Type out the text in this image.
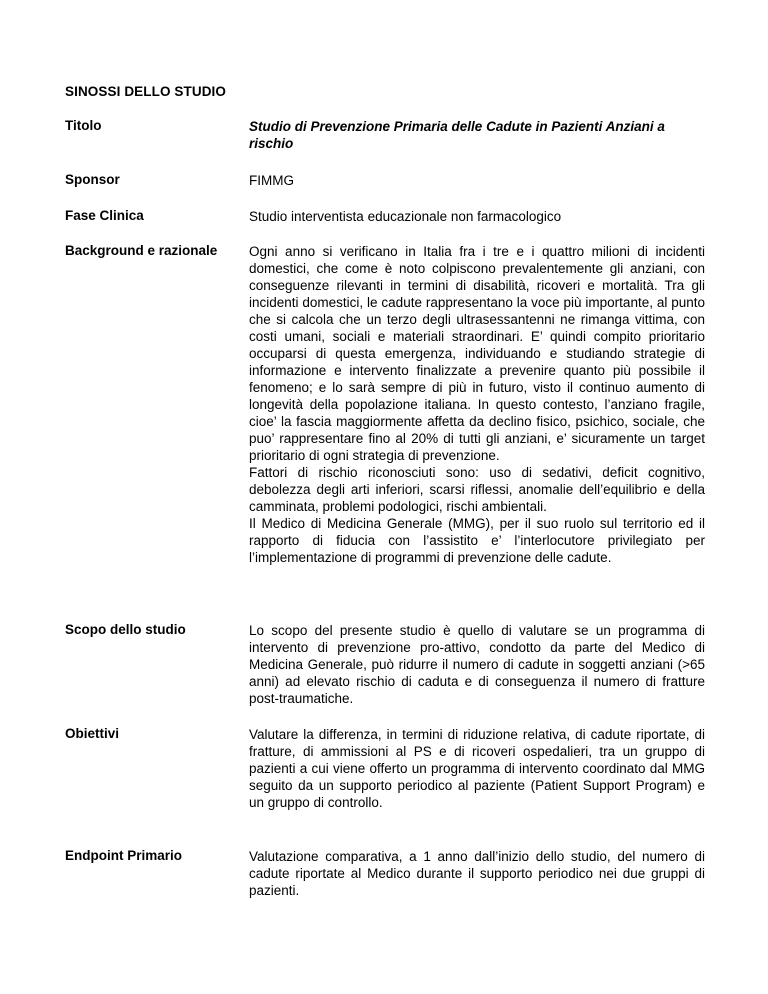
SINOSSI DELLO STUDIO
Titolo	Studio di Prevenzione Primaria delle Cadute in Pazienti Anziani a rischio
Sponsor	FIMMG
Fase Clinica	Studio interventista educazionale non farmacologico
Background e razionale	Ogni anno si verificano in Italia fra i tre e i quattro milioni di incidenti domestici, che come è noto colpiscono prevalentemente gli anziani, con conseguenze rilevanti in termini di disabilità, ricoveri e mortalità. Tra gli incidenti domestici, le cadute rappresentano la voce più importante, al punto che si calcola che un terzo degli ultrasessantenni ne rimanga vittima, con costi umani, sociali e materiali straordinari. E’ quindi compito prioritario occuparsi di questa emergenza, individuando e studiando strategie di informazione e intervento finalizzate a prevenire quanto più possibile il fenomeno; e lo sarà sempre di più in futuro, visto il continuo aumento di longevità della popolazione italiana. In questo contesto, l’anziano fragile, cioe’ la fascia maggiormente affetta da declino fisico, psichico, sociale, che puo’ rappresentare fino al 20% di tutti gli anziani, e’ sicuramente un target prioritario di ogni strategia di prevenzione.

Fattori di rischio riconosciuti sono: uso di sedativi, deficit cognitivo, debolezza degli arti inferiori, scarsi riflessi, anomalie dell’equilibrio e della camminata, problemi podologici, rischi ambientali.

Il Medico di Medicina Generale (MMG), per il suo ruolo sul territorio ed il rapporto di fiducia con l’assistito e’ l’interlocutore privilegiato per l’implementazione di programmi di prevenzione delle cadute.

Scopo dello studio	Lo scopo del presente studio è quello di valutare se un programma di intervento di prevenzione pro-attivo, condotto da parte del Medico di Medicina Generale, può ridurre il numero di cadute in soggetti anziani (>65 anni) ad elevato rischio di caduta e di conseguenza il numero di fratture post-traumatiche.
Obiettivi	Valutare la differenza, in termini di riduzione relativa, di cadute riportate, di fratture, di ammissioni al PS e di ricoveri ospedalieri, tra un gruppo di pazienti a cui viene offerto un programma di intervento coordinato dal MMG seguito da un supporto periodico al paziente (Patient Support Program) e un gruppo di controllo.
Endpoint Primario	Valutazione comparativa, a 1 anno dall’inizio dello studio, del numero di cadute riportate al Medico durante il supporto periodico nei due gruppi di pazienti.
